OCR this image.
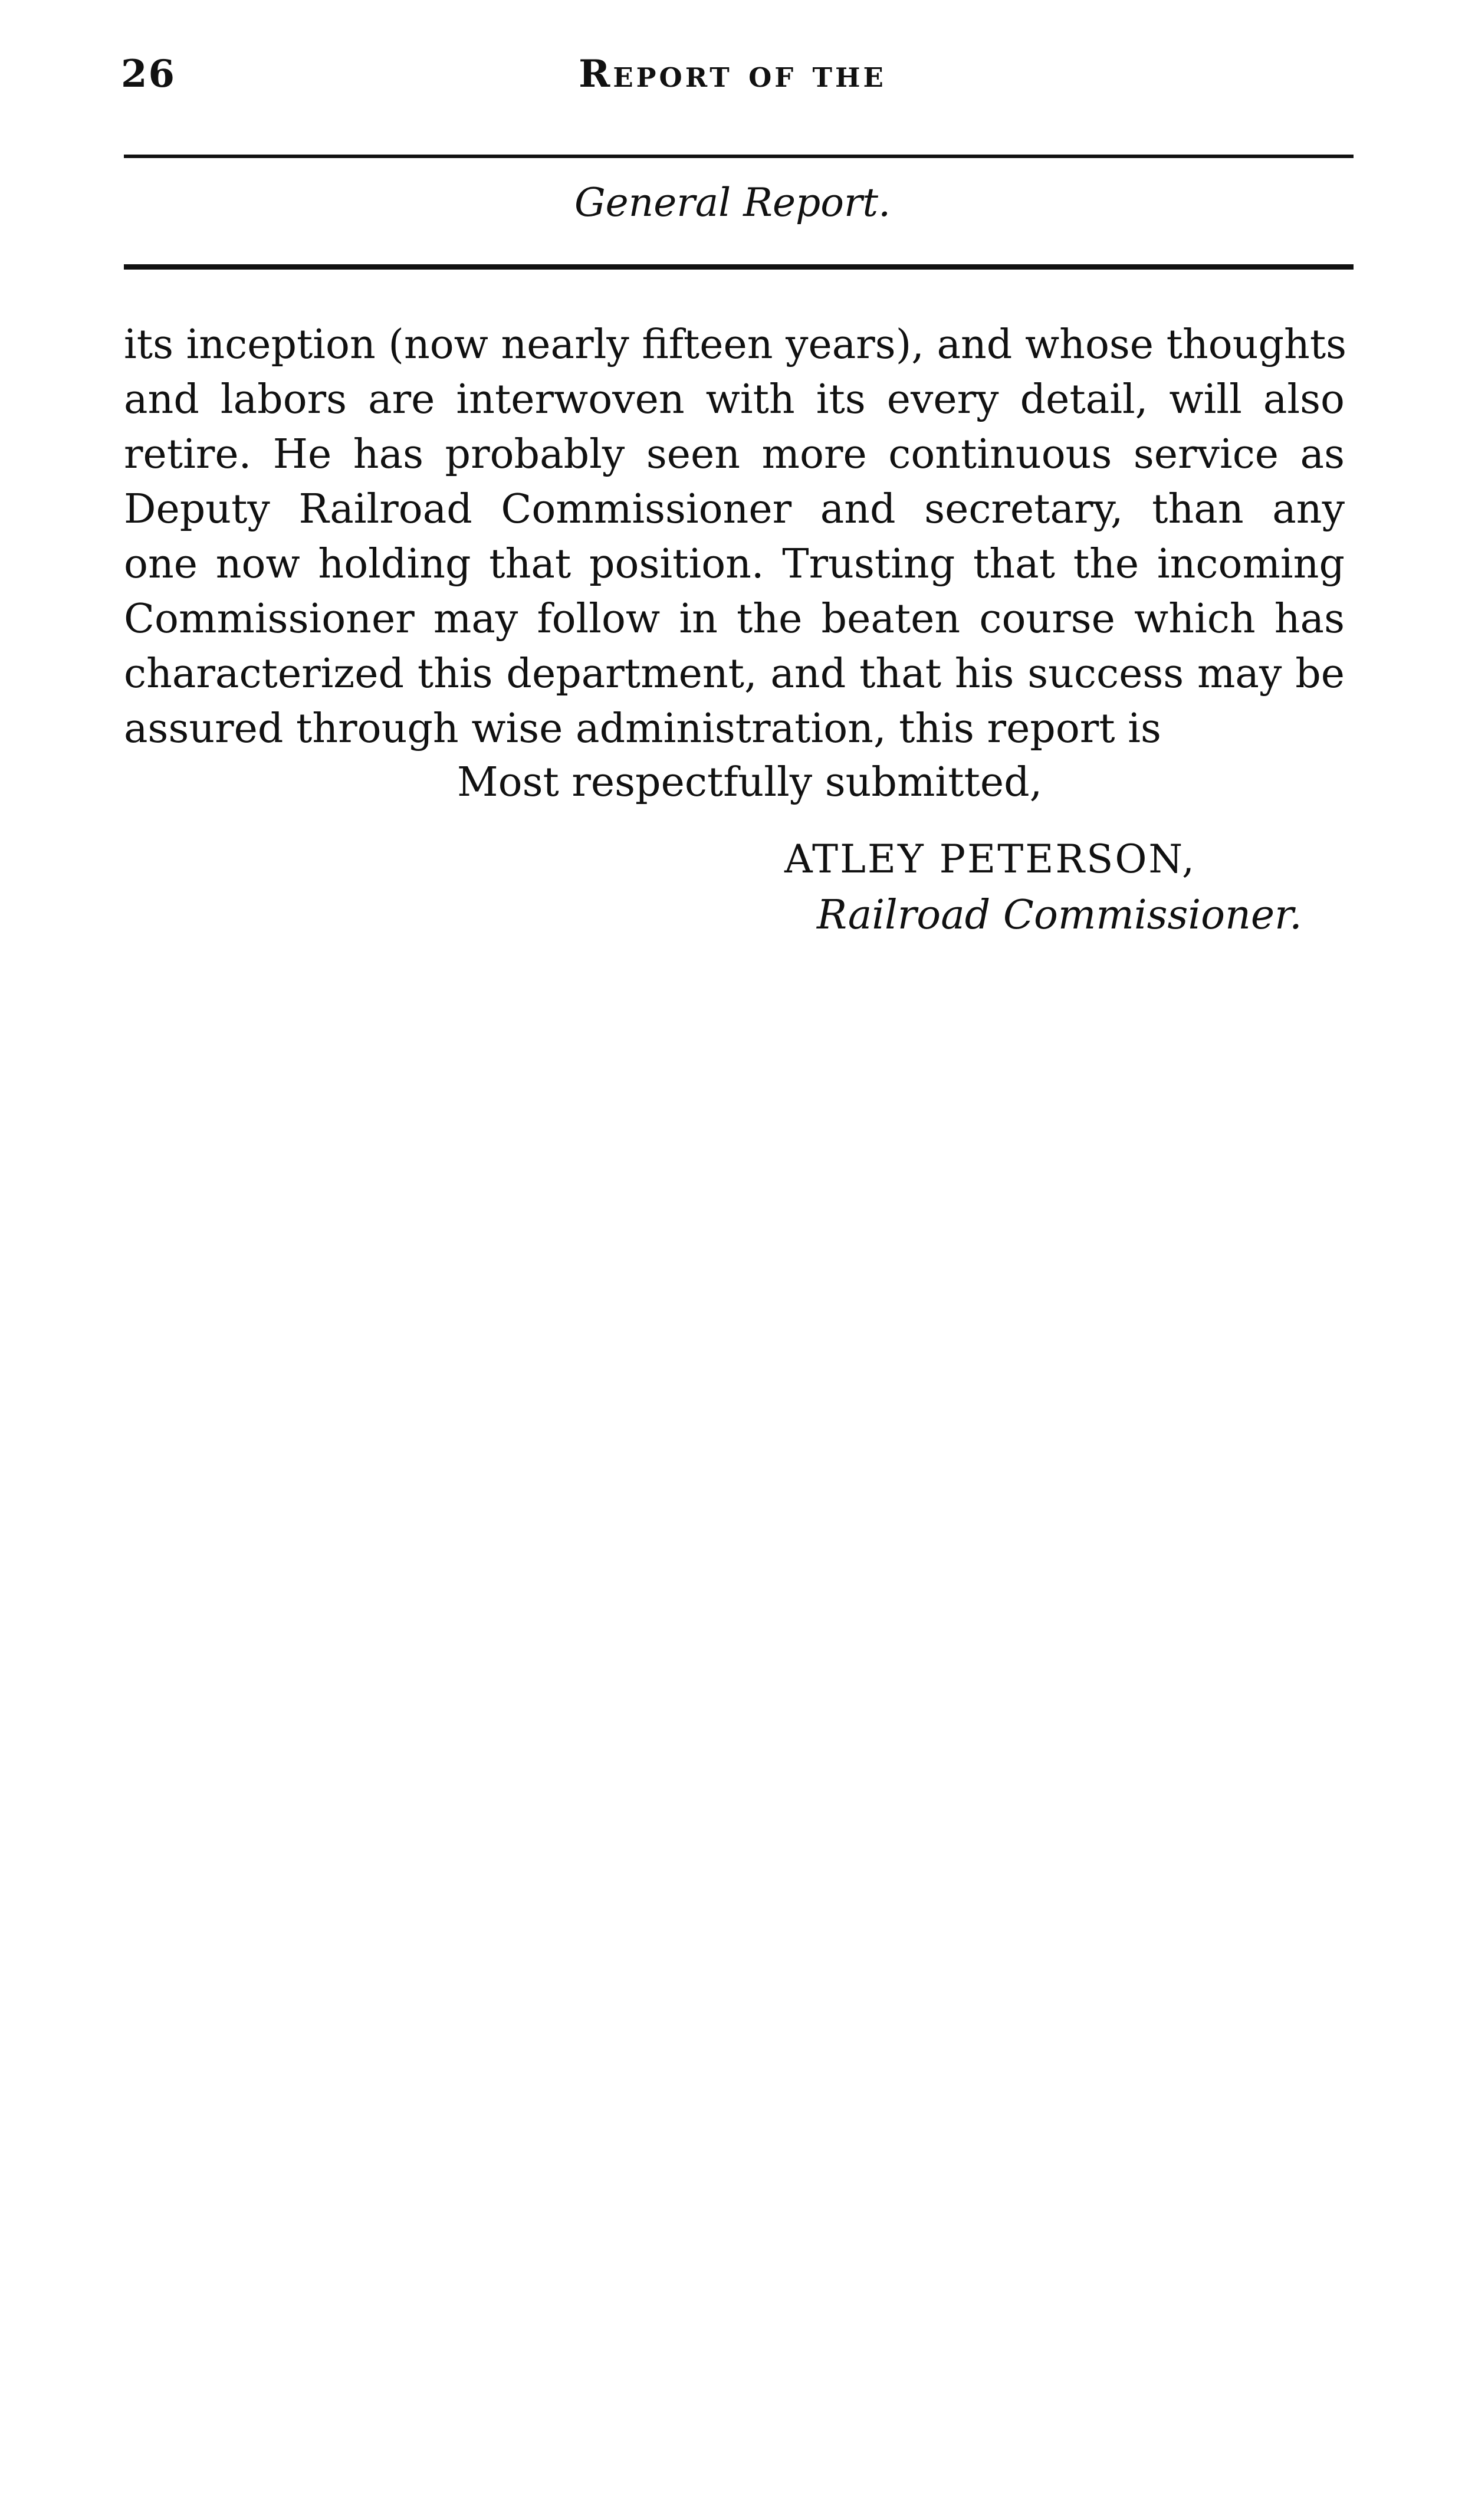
26	Report of the
General Report.
its inception (now nearly fifteen years), and whose thoughts
and labors are interwoven with its every detail, will also
retire. He has probably seen more continuous service as
Deputy Railroad Commissioner and secretary, than any
one now holding that position. Trusting that the incoming
Commissioner may follow in the beaten course which has
characterized this department, and that his success may be
assured through wise administration, this report is
Most respectfully submitted,
ATLEY PETERSON,
Railroad Commissioner.
